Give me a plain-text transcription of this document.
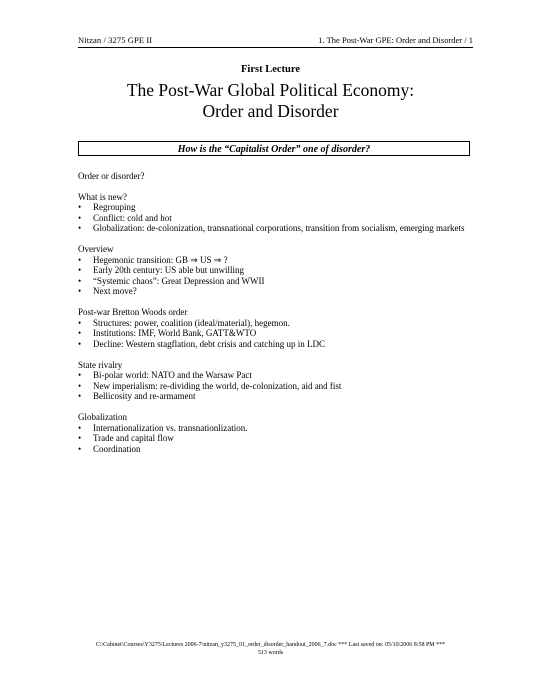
Nitzan / 3275 GPE II	1. The Post-War GPE: Order and Disorder / 1
First Lecture
The Post-War Global Political Economy:
Order and Disorder
How is the “Capitalist Order” one of disorder?

Order or disorder?

What is new?

• Regrouping
• Conflict: cold and hot
• Globalization: de-colonization, transnational corporations, transition from socialism, emerging markets

Overview

• Hegemonic transition: GB ⇒ US ⇒ ?
• Early 20th century: US able but unwilling
• “Systemic chaos”: Great Depression and WWII
• Next move?

Post-war Bretton Woods order

• Structures: power, coalition (ideal/material), hegemon.
• Institutions: IMF, World Bank, GATT&WTO
• Decline: Western stagflation, debt crisis and catching up in LDC

State rivalry

• Bi-polar world: NATO and the Warsaw Pact
• New imperialism: re-dividing the world, de-colonization, aid and fist
• Bellicosity and re-armament

Globalization

• Internationalization vs. transnationlization.
• Trade and capital flow
• Coordination
C:\Cabinet\Courses\Y3275\Lectures 2006-7\nitzan_y3275_01_order_disorder_handout_2006_7.doc *** Last saved on: 05/10/2006 8:58 PM ***
513 words
